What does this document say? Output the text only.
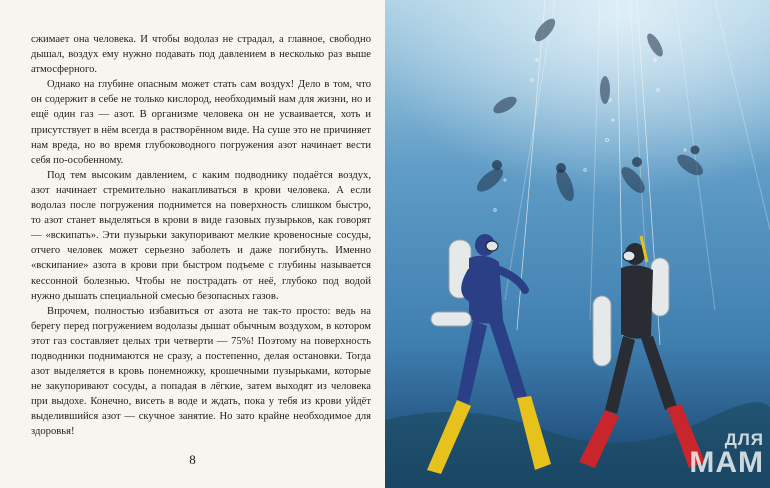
сжимает она человека. И чтобы водолаз не страдал, а главное, свободно дышал, воздух ему нужно подавать под давлением в несколько раз выше атмосферного.

Однако на глубине опасным может стать сам воздух! Дело в том, что он содержит в себе не только кислород, необходимый нам для жизни, но и ещё один газ — азот. В организме человека он не усваивается, хоть и присутствует в нём всегда в растворённом виде. На суше это не причиняет нам вреда, но во время глубоководного погружения азот начинает вести себя по-особенному.

Под тем высоким давлением, с каким подводнику подаётся воздух, азот начинает стремительно накапливаться в крови человека. А если водолаз после погружения поднимется на поверхность слишком быстро, то азот станет выделяться в крови в виде газовых пузырьков, как говорят — «вскипать». Эти пузырьки закупоривают мелкие кровеносные сосуды, отчего человек может серьезно заболеть и даже погибнуть. Именно «вскипание» азота в крови при быстром подъеме с глубины называется кессонной болезнью. Чтобы не пострадать от неё, глубоко под водой нужно дышать специальной смесью безопасных газов.

Впрочем, полностью избавиться от азота не так-то просто: ведь на берегу перед погружением водолазы дышат обычным воздухом, в котором этот газ составляет целых три четверти — 75%! Поэтому на поверхность подводники поднимаются не сразу, а постепенно, делая остановки. Тогда азот выделяется в кровь понемножку, крошечными пузырьками, которые не закупоривают сосуды, а попадая в лёгкие, затем выходят из человека при выдохе. Конечно, висеть в воде и ждать, пока у тебя из крови уйдёт выделившийся азот — скучное занятие. Но зато крайне необходимое для здоровья!

8
ДЛЯ
МАМ
